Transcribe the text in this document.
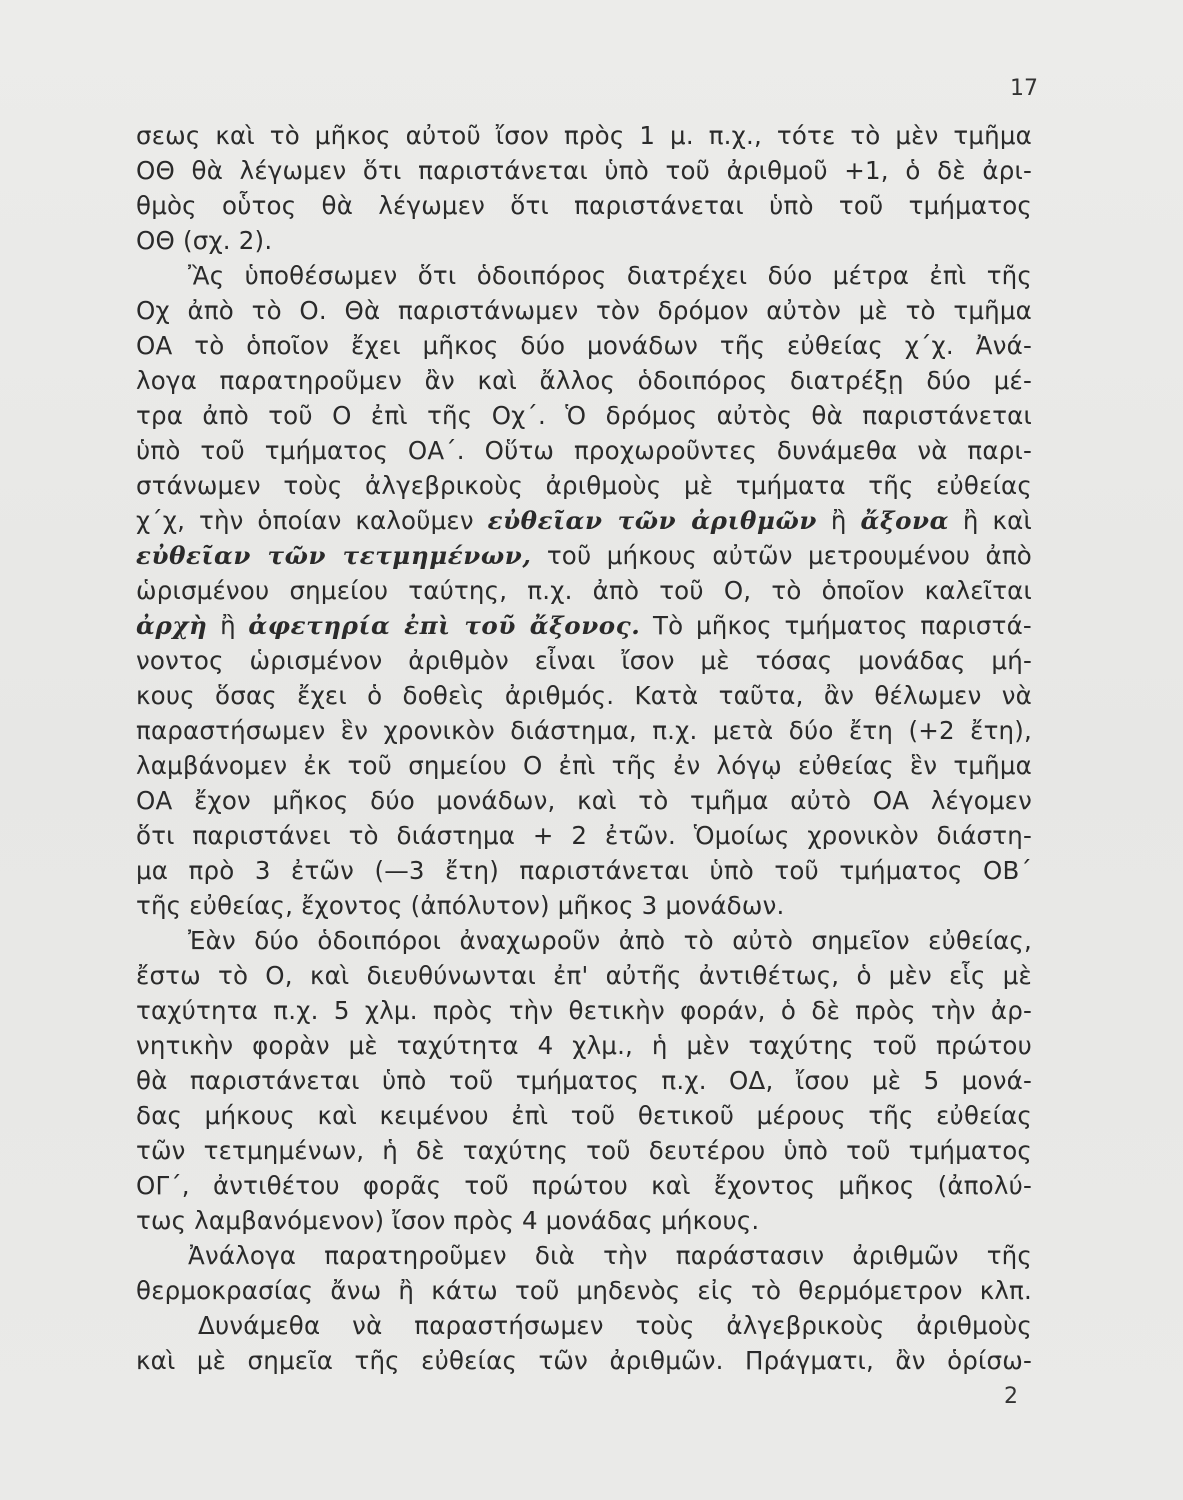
17
σεως καὶ τὸ μῆκος αὐτοῦ ἴσον πρὸς 1 μ. π.χ., τότε τὸ μὲν τμῆμα
ΟΘ θὰ λέγωμεν ὅτι παριστάνεται ὑπὸ τοῦ ἀριθμοῦ +1, ὁ δὲ ἀρι-
θμὸς οὗτος θὰ λέγωμεν ὅτι παριστάνεται ὑπὸ τοῦ τμήματος
ΟΘ (σχ. 2).
Ἂς ὑποθέσωμεν ὅτι ὁδοιπόρος διατρέχει δύο μέτρα ἐπὶ τῆς
Οχ ἀπὸ τὸ Ο. Θὰ παριστάνωμεν τὸν δρόμον αὐτὸν μὲ τὸ τμῆμα
ΟΑ τὸ ὁποῖον ἔχει μῆκος δύο μονάδων τῆς εὐθείας χ΄χ. Ἀνά-
λογα παρατηροῦμεν ἂν καὶ ἄλλος ὁδοιπόρος διατρέξῃ δύο μέ-
τρα ἀπὸ τοῦ Ο ἐπὶ τῆς Οχ΄. Ὁ δρόμος αὐτὸς θὰ παριστάνεται
ὑπὸ τοῦ τμήματος ΟΑ΄. Οὕτω προχωροῦντες δυνάμεθα νὰ παρι-
στάνωμεν τοὺς ἀλγεβρικοὺς ἀριθμοὺς μὲ τμήματα τῆς εὐθείας
χ΄χ, τὴν ὁποίαν καλοῦμεν εὐθεῖαν τῶν ἀριθμῶν ἢ ἄξονα ἢ καὶ
εὐθεῖαν τῶν τετμημένων, τοῦ μήκους αὐτῶν μετρουμένου ἀπὸ
ὡρισμένου σημείου ταύτης, π.χ. ἀπὸ τοῦ Ο, τὸ ὁποῖον καλεῖται
ἀρχὴ ἢ ἀφετηρία ἐπὶ τοῦ ἄξονος. Τὸ μῆκος τμήματος παριστά-
νοντος ὡρισμένον ἀριθμὸν εἶναι ἴσον μὲ τόσας μονάδας μή-
κους ὅσας ἔχει ὁ δοθεὶς ἀριθμός. Κατὰ ταῦτα, ἂν θέλωμεν νὰ
παραστήσωμεν ἓν χρονικὸν διάστημα, π.χ. μετὰ δύο ἔτη (+2 ἔτη),
λαμβάνομεν ἐκ τοῦ σημείου Ο ἐπὶ τῆς ἐν λόγῳ εὐθείας ἓν τμῆμα
ΟΑ ἔχον μῆκος δύο μονάδων, καὶ τὸ τμῆμα αὐτὸ ΟΑ λέγομεν
ὅτι παριστάνει τὸ διάστημα + 2 ἐτῶν. Ὁμοίως χρονικὸν διάστη-
μα πρὸ 3 ἐτῶν (—3 ἔτη) παριστάνεται ὑπὸ τοῦ τμήματος ΟΒ΄
τῆς εὐθείας, ἔχοντος (ἀπόλυτον) μῆκος 3 μονάδων.
Ἐὰν δύο ὁδοιπόροι ἀναχωροῦν ἀπὸ τὸ αὐτὸ σημεῖον εὐθείας,
ἔστω τὸ Ο, καὶ διευθύνωνται ἐπ' αὐτῆς ἀντιθέτως, ὁ μὲν εἷς μὲ
ταχύτητα π.χ. 5 χλμ. πρὸς τὴν θετικὴν φοράν, ὁ δὲ πρὸς τὴν ἀρ-
νητικὴν φορὰν μὲ ταχύτητα 4 χλμ., ἡ μὲν ταχύτης τοῦ πρώτου
θὰ παριστάνεται ὑπὸ τοῦ τμήματος π.χ. ΟΔ, ἴσου μὲ 5 μονά-
δας μήκους καὶ κειμένου ἐπὶ τοῦ θετικοῦ μέρους τῆς εὐθείας
τῶν τετμημένων, ἡ δὲ ταχύτης τοῦ δευτέρου ὑπὸ τοῦ τμήματος
ΟΓ΄, ἀντιθέτου φορᾶς τοῦ πρώτου καὶ ἔχοντος μῆκος (ἀπολύ-
τως λαμβανόμενον) ἴσον πρὸς 4 μονάδας μήκους.
Ἀνάλογα παρατηροῦμεν διὰ τὴν παράστασιν ἀριθμῶν τῆς
θερμοκρασίας ἄνω ἢ κάτω τοῦ μηδενὸς εἰς τὸ θερμόμετρον κλπ.
Δυνάμεθα νὰ παραστήσωμεν τοὺς ἀλγεβρικοὺς ἀριθμοὺς
καὶ μὲ σημεῖα τῆς εὐθείας τῶν ἀριθμῶν. Πράγματι, ἂν ὁρίσω-
2
